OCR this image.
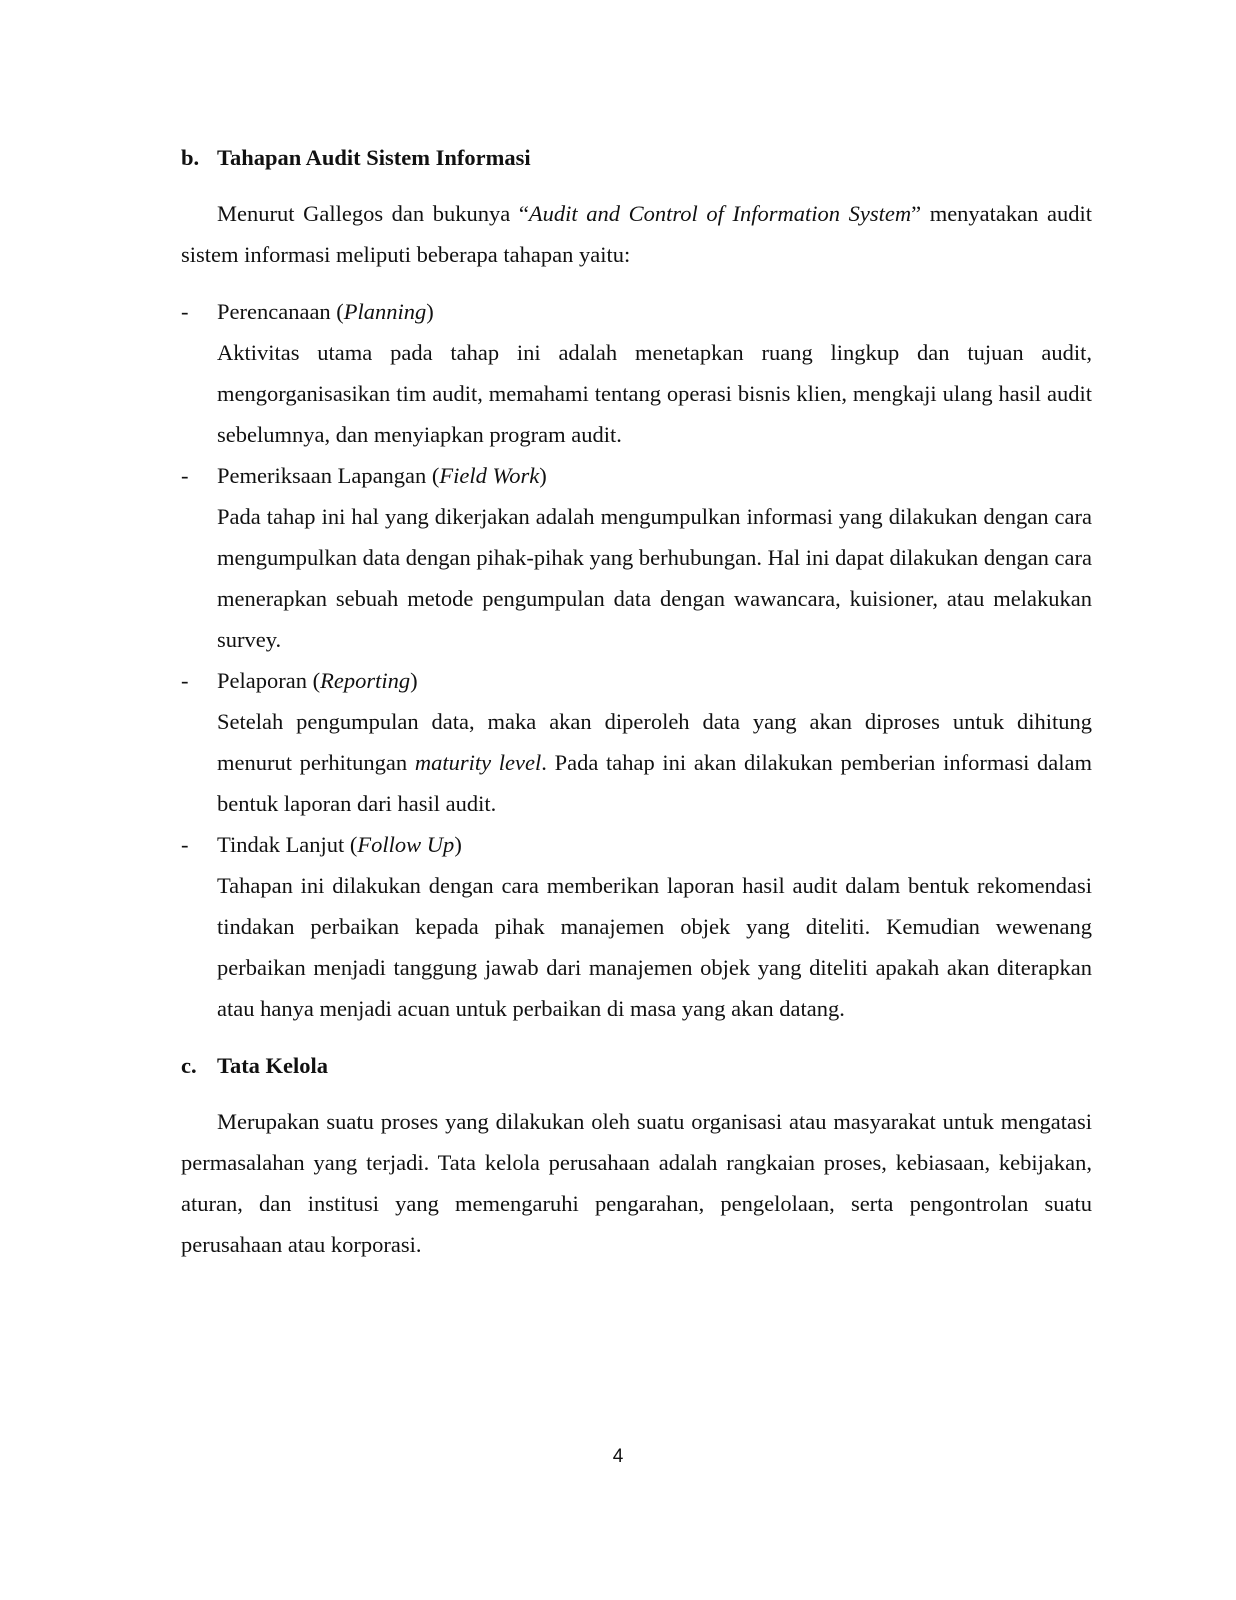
b. Tahapan Audit Sistem Informasi

Menurut Gallegos dan bukunya “Audit and Control of Information System” menyatakan audit sistem informasi meliputi beberapa tahapan yaitu:

- Perencanaan (Planning)

Aktivitas utama pada tahap ini adalah menetapkan ruang lingkup dan tujuan audit, mengorganisasikan tim audit, memahami tentang operasi bisnis klien, mengkaji ulang hasil audit sebelumnya, dan menyiapkan program audit.

- Pemeriksaan Lapangan (Field Work)

Pada tahap ini hal yang dikerjakan adalah mengumpulkan informasi yang dilakukan dengan cara mengumpulkan data dengan pihak-pihak yang berhubungan. Hal ini dapat dilakukan dengan cara menerapkan sebuah metode pengumpulan data dengan wawancara, kuisioner, atau melakukan survey.

- Pelaporan (Reporting)

Setelah pengumpulan data, maka akan diperoleh data yang akan diproses untuk dihitung menurut perhitungan maturity level. Pada tahap ini akan dilakukan pemberian informasi dalam bentuk laporan dari hasil audit.

- Tindak Lanjut (Follow Up)

Tahapan ini dilakukan dengan cara memberikan laporan hasil audit dalam bentuk rekomendasi tindakan perbaikan kepada pihak manajemen objek yang diteliti. Kemudian wewenang perbaikan menjadi tanggung jawab dari manajemen objek yang diteliti apakah akan diterapkan atau hanya menjadi acuan untuk perbaikan di masa yang akan datang.

c. Tata Kelola

Merupakan suatu proses yang dilakukan oleh suatu organisasi atau masyarakat untuk mengatasi permasalahan yang terjadi. Tata kelola perusahaan adalah rangkaian proses, kebiasaan, kebijakan, aturan, dan institusi yang memengaruhi pengarahan, pengelolaan, serta pengontrolan suatu perusahaan atau korporasi.

4
